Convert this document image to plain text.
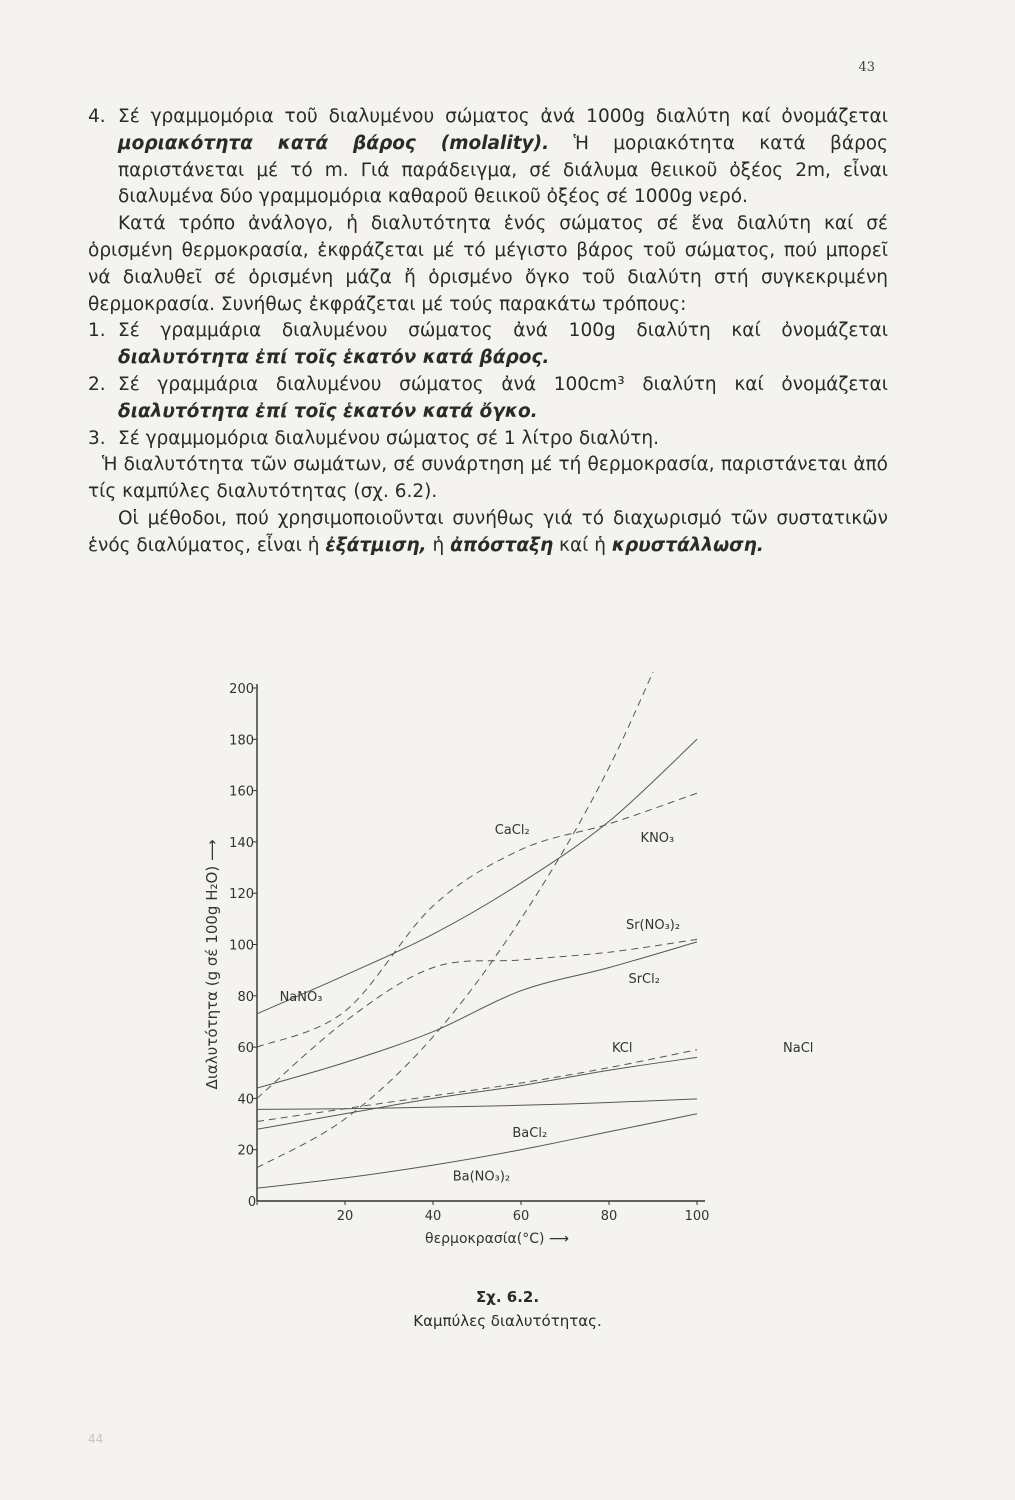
43
4. Σέ γραμμομόρια τοῦ διαλυμένου σώματος ἀνά 1000g διαλύτη καί ὀνομάζεται μοριακότητα κατά βάρος (molality). Ἡ μοριακότητα κατά βάρος παριστάνεται μέ τό m. Γιά παράδειγμα, σέ διάλυμα θειικοῦ ὀξέος 2m, εἶναι διαλυμένα δύο γραμμομόρια καθαροῦ θειικοῦ ὀξέος σέ 1000g νερό.

Κατά τρόπο ἀνάλογο, ἡ διαλυτότητα ἑνός σώματος σέ ἕνα διαλύτη καί σέ ὁρισμένη θερμοκρασία, ἐκφράζεται μέ τό μέγιστο βάρος τοῦ σώματος, πού μπορεῖ νά διαλυθεῖ σέ ὁρισμένη μάζα ἤ ὁρισμένο ὄγκο τοῦ διαλύτη στή συγκεκριμένη θερμοκρασία. Συνήθως ἐκφράζεται μέ τούς παρακάτω τρόπους:

1. Σέ γραμμάρια διαλυμένου σώματος ἀνά 100g διαλύτη καί ὀνομάζεται διαλυτότητα ἐπί τοῖς ἑκατόν κατά βάρος.
2. Σέ γραμμάρια διαλυμένου σώματος ἀνά 100cm³ διαλύτη καί ὀνομάζεται διαλυτότητα ἐπί τοῖς ἑκατόν κατά ὄγκο.
3. Σέ γραμμομόρια διαλυμένου σώματος σέ 1 λίτρο διαλύτη.

Ἡ διαλυτότητα τῶν σωμάτων, σέ συνάρτηση μέ τή θερμοκρασία, παριστάνεται ἀπό τίς καμπύλες διαλυτότητας (σχ. 6.2).

Οἱ μέθοδοι, πού χρησιμοποιοῦνται συνήθως γιά τό διαχωρισμό τῶν συστατικῶν ἑνός διαλύματος, εἶναι ἡ ἐξάτμιση, ἡ ἀπόσταξη καί ἡ κρυστάλλωση.

20
40
60
80
100
120
140
160
180
200
0
20	40	60	80	100
θερμοκρασία(°C) ⟶
Διαλυτότητα (g σέ 100g H₂O) ⟶	NaNO₃
KNO₃
CaCl₂
Sr(NO₃)₂
SrCl₂
KCl	NaCl
BaCl₂
Ba(NO₃)₂
Σχ. 6.2.
Καμπύλες διαλυτότητας.
44
